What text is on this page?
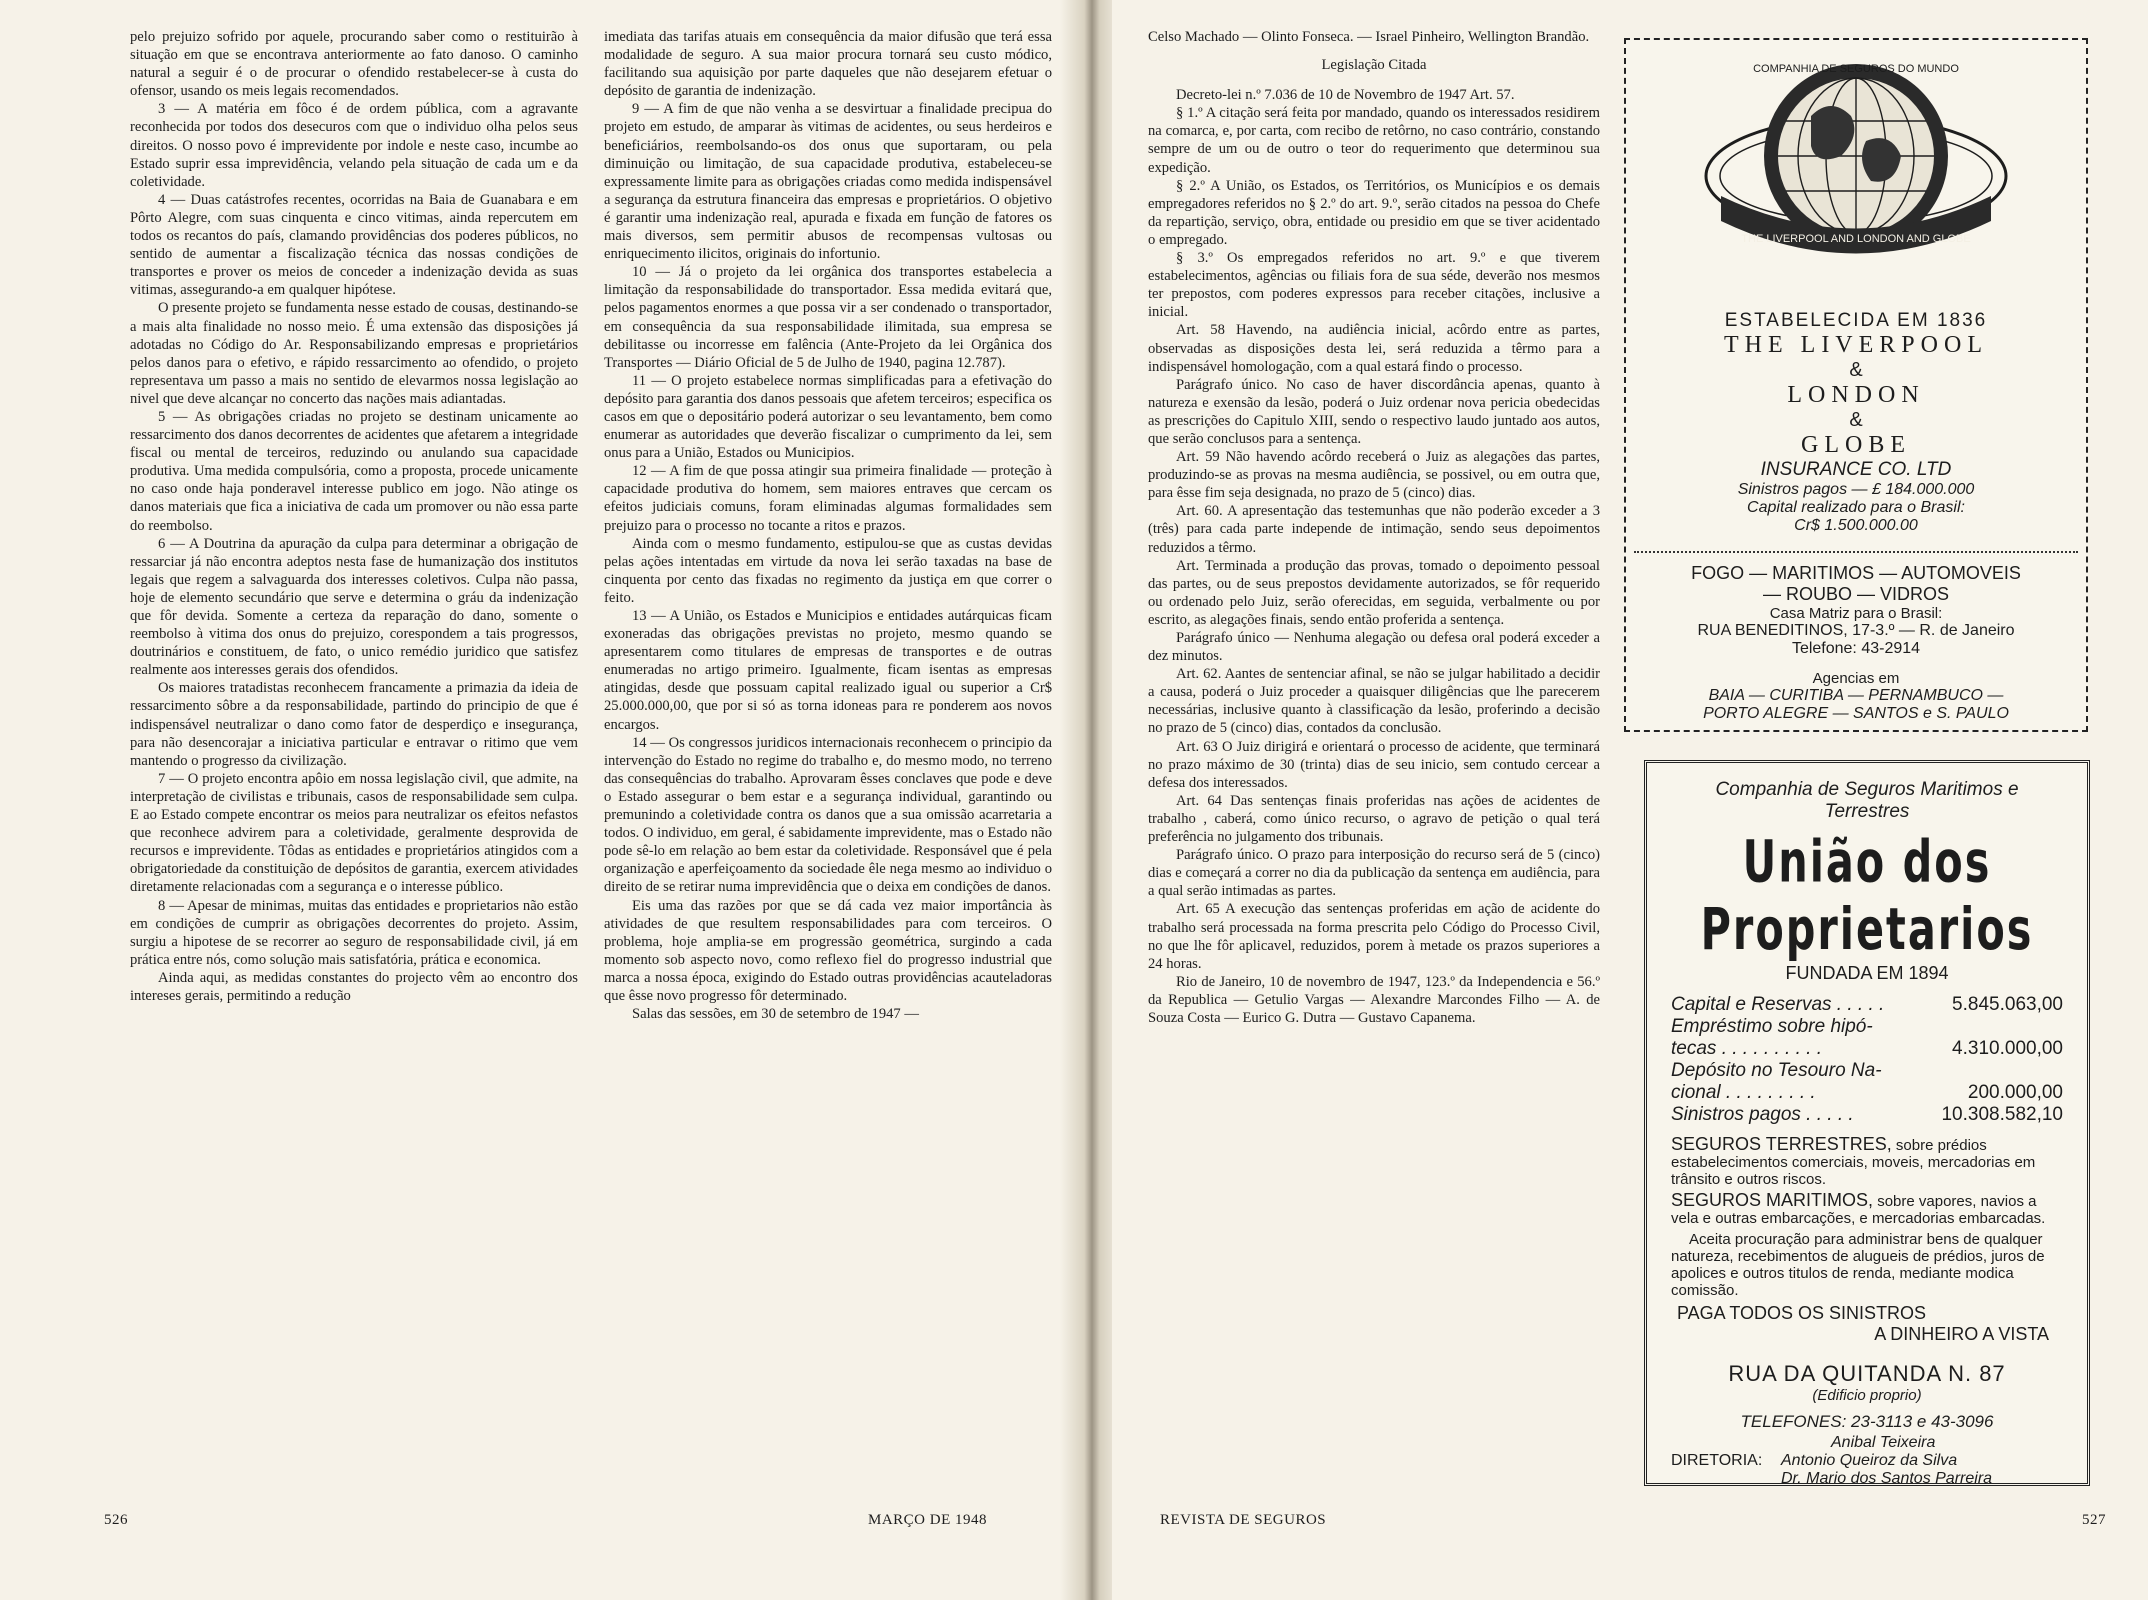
pelo prejuizo sofrido por aquele, procurando saber como o restituirão à situação em que se encontrava anteriormente ao fato danoso. O caminho natural a seguir é o de procurar o ofendido restabelecer-se à custa do ofensor, usando os meis legais recomendados.

3 — A matéria em fôco é de ordem pública, com a agravante reconhecida por todos dos desecuros com que o individuo olha pelos seus direitos. O nosso povo é imprevidente por indole e neste caso, incumbe ao Estado suprir essa imprevidência, velando pela situação de cada um e da coletividade.

4 — Duas catástrofes recentes, ocorridas na Baia de Guanabara e em Pôrto Alegre, com suas cinquenta e cinco vitimas, ainda repercutem em todos os recantos do país, clamando providências dos poderes públicos, no sentido de aumentar a fiscalização técnica das nossas condições de transportes e prover os meios de conceder a indenização devida as suas vitimas, assegurando-a em qualquer hipótese.

O presente projeto se fundamenta nesse estado de cousas, destinando-se a mais alta finalidade no nosso meio. É uma extensão das disposições já adotadas no Código do Ar. Responsabilizando empresas e proprietários pelos danos para o efetivo, e rápido ressarcimento ao ofendido, o projeto representava um passo a mais no sentido de elevarmos nossa legislação ao nivel que deve alcançar no concerto das nações mais adiantadas.

5 — As obrigações criadas no projeto se destinam unicamente ao ressarcimento dos danos decorrentes de acidentes que afetarem a integridade fiscal ou mental de terceiros, reduzindo ou anulando sua capacidade produtiva. Uma medida compulsória, como a proposta, procede unicamente no caso onde haja ponderavel interesse publico em jogo. Não atinge os danos materiais que fica a iniciativa de cada um promover ou não essa parte do reembolso.

6 — A Doutrina da apuração da culpa para determinar a obrigação de ressarciar já não encontra adeptos nesta fase de humanização dos institutos legais que regem a salvaguarda dos interesses coletivos. Culpa não passa, hoje de elemento secundário que serve e determina o gráu da indenização que fôr devida. Somente a certeza da reparação do dano, somente o reembolso à vitima dos onus do prejuizo, corespondem a tais progressos, doutrinários e constituem, de fato, o unico remédio juridico que satisfez realmente aos interesses gerais dos ofendidos.

Os maiores tratadistas reconhecem francamente a primazia da ideia de ressarcimento sôbre a da responsabilidade, partindo do principio de que é indispensável neutralizar o dano como fator de desperdiço e insegurança, para não desencorajar a iniciativa particular e entravar o ritimo que vem mantendo o progresso da civilização.

7 — O projeto encontra apôio em nossa legislação civil, que admite, na interpretação de civilistas e tribunais, casos de responsabilidade sem culpa. E ao Estado compete encontrar os meios para neutralizar os efeitos nefastos que reconhece advirem para a coletividade, geralmente desprovida de recursos e imprevidente. Tôdas as entidades e proprietários atingidos com a obrigatoriedade da constituição de depósitos de garantia, exercem atividades diretamente relacionadas com a segurança e o interesse público.

8 — Apesar de minimas, muitas das entidades e proprietarios não estão em condições de cumprir as obrigações decorrentes do projeto. Assim, surgiu a hipotese de se recorrer ao seguro de responsabilidade civil, já em prática entre nós, como solução mais satisfatória, prática e economica.

Ainda aqui, as medidas constantes do projecto vêm ao encontro dos intereses gerais, permitindo a redução

imediata das tarifas atuais em consequência da maior difusão que terá essa modalidade de seguro. A sua maior procura tornará seu custo módico, facilitando sua aquisição por parte daqueles que não desejarem efetuar o depósito de garantia de indenização.

9 — A fim de que não venha a se desvirtuar a finalidade precipua do projeto em estudo, de amparar às vitimas de acidentes, ou seus herdeiros e beneficiários, reembolsando-os dos onus que suportaram, ou pela diminuição ou limitação, de sua capacidade produtiva, estabeleceu-se expressamente limite para as obrigações criadas como medida indispensável a segurança da estrutura financeira das empresas e proprietários. O objetivo é garantir uma indenização real, apurada e fixada em função de fatores os mais diversos, sem permitir abusos de recompensas vultosas ou enriquecimento ilicitos, originais do infortunio.

10 — Já o projeto da lei orgânica dos transportes estabelecia a limitação da responsabilidade do transportador. Essa medida evitará que, pelos pagamentos enormes a que possa vir a ser condenado o transportador, em consequência da sua responsabilidade ilimitada, sua empresa se debilitasse ou incorresse em falência (Ante-Projeto da lei Orgânica dos Transportes — Diário Oficial de 5 de Julho de 1940, pagina 12.787).

11 — O projeto estabelece normas simplificadas para a efetivação do depósito para garantia dos danos pessoais que afetem terceiros; especifica os casos em que o depositário poderá autorizar o seu levantamento, bem como enumerar as autoridades que deverão fiscalizar o cumprimento da lei, sem onus para a União, Estados ou Municipios.

12 — A fim de que possa atingir sua primeira finalidade — proteção à capacidade produtiva do homem, sem maiores entraves que cercam os efeitos judiciais comuns, foram eliminadas algumas formalidades sem prejuizo para o processo no tocante a ritos e prazos.

Ainda com o mesmo fundamento, estipulou-se que as custas devidas pelas ações intentadas em virtude da nova lei serão taxadas na base de cinquenta por cento das fixadas no regimento da justiça em que correr o feito.

13 — A União, os Estados e Municipios e entidades autárquicas ficam exoneradas das obrigações previstas no projeto, mesmo quando se apresentarem como titulares de empresas de transportes e de outras enumeradas no artigo primeiro. Igualmente, ficam isentas as empresas atingidas, desde que possuam capital realizado igual ou superior a Cr$ 25.000.000,00, que por si só as torna idoneas para re ponderem aos novos encargos.

14 — Os congressos juridicos internacionais reconhecem o principio da intervenção do Estado no regime do trabalho e, do mesmo modo, no terreno das consequências do trabalho. Aprovaram êsses conclaves que pode e deve o Estado assegurar o bem estar e a segurança individual, garantindo ou premunindo a coletividade contra os danos que a sua omissão acarretaria a todos. O individuo, em geral, é sabidamente imprevidente, mas o Estado não pode sê-lo em relação ao bem estar da coletividade. Responsável que é pela organização e aperfeiçoamento da sociedade êle nega mesmo ao individuo o direito de se retirar numa imprevidência que o deixa em condições de danos.

Eis uma das razões por que se dá cada vez maior importância às atividades de que resultem responsabilidades para com terceiros. O problema, hoje amplia-se em progressão geométrica, surgindo a cada momento sob aspecto novo, como reflexo fiel do progresso industrial que marca a nossa época, exigindo do Estado outras providências acauteladoras que êsse novo progresso fôr determinado.

Salas das sessões, em 30 de setembro de 1947 —

526	MARÇO DE 1948

Celso Machado — Olinto Fonseca. — Israel Pinheiro, Wellington Brandão.

Legislação Citada

Decreto-lei n.º 7.036 de 10 de Novembro de 1947 Art. 57.

§ 1.º A citação será feita por mandado, quando os interessados residirem na comarca, e, por carta, com recibo de retôrno, no caso contrário, constando sempre de um ou de outro o teor do requerimento que determinou sua expedição.

§ 2.º A União, os Estados, os Territórios, os Municípios e os demais empregadores referidos no § 2.º do art. 9.º, serão citados na pessoa do Chefe da repartição, serviço, obra, entidade ou presidio em que se tiver acidentado o empregado.

§ 3.º Os empregados referidos no art. 9.º e que tiverem estabelecimentos, agências ou filiais fora de sua séde, deverão nos mesmos ter prepostos, com poderes expressos para receber citações, inclusive a inicial.

Art. 58 Havendo, na audiência inicial, acôrdo entre as partes, observadas as disposições desta lei, será reduzida a têrmo para a indispensável homologação, com a qual estará findo o processo.

Parágrafo único. No caso de haver discordância apenas, quanto à natureza e exensão da lesão, poderá o Juiz ordenar nova pericia obedecidas as prescrições do Capitulo XIII, sendo o respectivo laudo juntado aos autos, que serão conclusos para a sentença.

Art. 59 Não havendo acôrdo receberá o Juiz as alegações das partes, produzindo-se as provas na mesma audiência, se possivel, ou em outra que, para êsse fim seja designada, no prazo de 5 (cinco) dias.

Art. 60. A apresentação das testemunhas que não poderão exceder a 3 (três) para cada parte independe de intimação, sendo seus depoimentos reduzidos a têrmo.

Art. Terminada a produção das provas, tomado o depoimento pessoal das partes, ou de seus prepostos devidamente autorizados, se fôr requerido ou ordenado pelo Juiz, serão oferecidas, em seguida, verbalmente ou por escrito, as alegações finais, sendo então proferida a sentença.

Parágrafo único — Nenhuma alegação ou defesa oral poderá exceder a dez minutos.

Art. 62. Aantes de sentenciar afinal, se não se julgar habilitado a decidir a causa, poderá o Juiz proceder a quaisquer diligências que lhe parecerem necessárias, inclusive quanto à classificação da lesão, proferindo a decisão no prazo de 5 (cinco) dias, contados da conclusão.

Art. 63 O Juiz dirigirá e orientará o processo de acidente, que terminará no prazo máximo de 30 (trinta) dias de seu inicio, sem contudo cercear a defesa dos interessados.

Art. 64 Das sentenças finais proferidas nas ações de acidentes de trabalho , caberá, como único recurso, o agravo de petição o qual terá preferência no julgamento dos tribunais.

Parágrafo único. O prazo para interposição do recurso será de 5 (cinco) dias e começará a correr no dia da publicação da sentença em audiência, para a qual serão intimadas as partes.

Art. 65 A execução das sentenças proferidas em ação de acidente do trabalho será processada na forma prescrita pelo Código do Processo Civil, no que lhe fôr aplicavel, reduzidos, porem à metade os prazos superiores a 24 horas.

Rio de Janeiro, 10 de novembro de 1947, 123.º da Independencia e 56.º da Republica — Getulio Vargas — Alexandre Marcondes Filho — A. de Souza Costa — Eurico G. Dutra — Gustavo Capanema.

REVISTA DE SEGUROS	527
THE LIVERPOOL AND LONDON AND GLOBE
COMPANHIA DE SEGUROS DO MUNDO
ESTABELECIDA EM 1836
THE LIVERPOOL
&
LONDON
&
GLOBE
INSURANCE CO. LTD
Sinistros pagos — £ 184.000.000
Capital realizado para o Brasil:
Cr$ 1.500.000.00
FOGO — MARITIMOS — AUTOMOVEIS
— ROUBO — VIDROS
Casa Matriz para o Brasil:
RUA BENEDITINOS, 17-3.º — R. de Janeiro
Telefone: 43-2914
Agencias em
BAIA — CURITIBA — PERNAMBUCO —
PORTO ALEGRE — SANTOS e S. PAULO
Companhia de Seguros Maritimos e
Terrestres
União dos Proprietarios
FUNDADA EM 1894
Capital e Reservas . . . . .	5.845.063,00
Empréstimo sobre hipó-
tecas . . . . . . . . . .	4.310.000,00
Depósito no Tesouro Na-
cional . . . . . . . . .	200.000,00
Sinistros pagos . . . . .	10.308.582,10
SEGUROS TERRESTRES, sobre prédios estabelecimentos comerciais, moveis, mercadorias em trânsito e outros riscos.
SEGUROS MARITIMOS, sobre vapores, navios a vela e outras embarcações, e mercadorias embarcadas.
Aceita procuração para administrar bens de qualquer natureza, recebimentos de alugueis de prédios, juros de apolices e outros titulos de renda, mediante modica comissão.
PAGA TODOS OS SINISTROS
A DINHEIRO A VISTA
RUA DA QUITANDA N. 87
(Edificio proprio)
TELEFONES: 23-3113 e 43-3096
DIRETORIA:
Anibal Teixeira
Antonio Queiroz da Silva
Dr. Mario dos Santos Parreira
